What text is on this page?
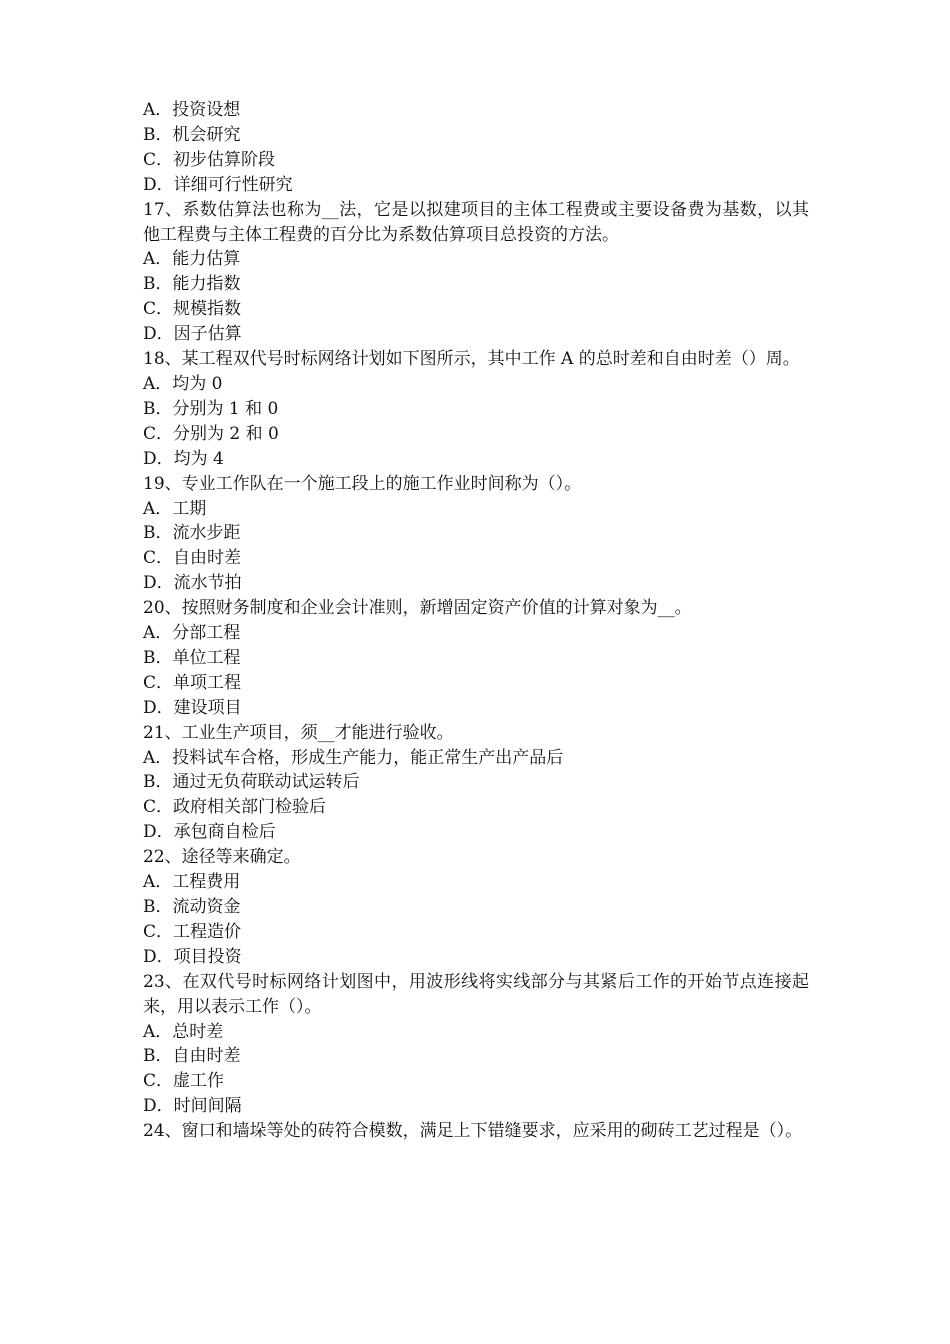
A．投资设想
B．机会研究
C．初步估算阶段
D．详细可行性研究
17、系数估算法也称为__法，它是以拟建项目的主体工程费或主要设备费为基数，以其他工程费与主体工程费的百分比为系数估算项目总投资的方法。
A．能力估算
B．能力指数
C．规模指数
D．因子估算
18、某工程双代号时标网络计划如下图所示，其中工作 A 的总时差和自由时差（）周。
A．均为 0
B．分别为 1 和 0
C．分别为 2 和 0
D．均为 4
19、专业工作队在一个施工段上的施工作业时间称为（）。
A．工期
B．流水步距
C．自由时差
D．流水节拍
20、按照财务制度和企业会计准则，新增固定资产价值的计算对象为__。
A．分部工程
B．单位工程
C．单项工程
D．建设项目
21、工业生产项目，须__才能进行验收。
A．投料试车合格，形成生产能力，能正常生产出产品后
B．通过无负荷联动试运转后
C．政府相关部门检验后
D．承包商自检后
22、途径等来确定。
A．工程费用
B．流动资金
C．工程造价
D．项目投资
23、在双代号时标网络计划图中，用波形线将实线部分与其紧后工作的开始节点连接起来，用以表示工作（）。
A．总时差
B．自由时差
C．虚工作
D．时间间隔
24、窗口和墙垛等处的砖符合模数，满足上下错缝要求，应采用的砌砖工艺过程是（）。
